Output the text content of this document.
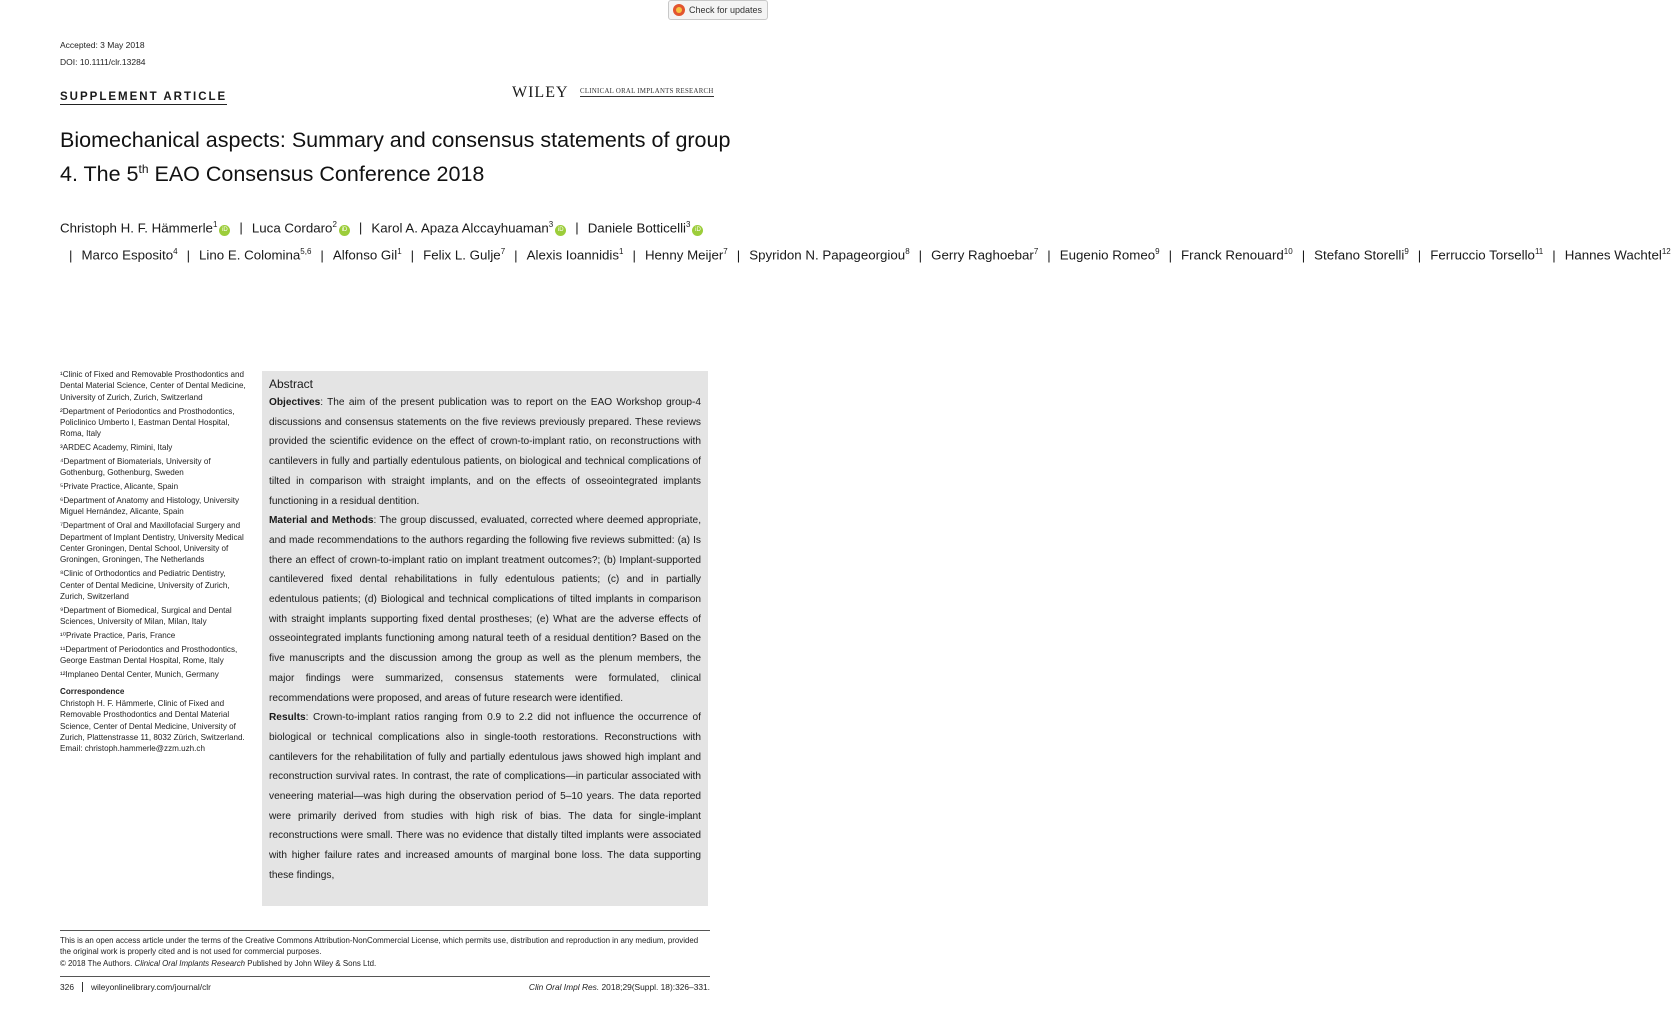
Check for updates
Accepted: 3 May 2018
DOI: 10.1111/clr.13284
SUPPLEMENT ARTICLE	WILEY CLINICAL ORAL IMPLANTS RESEARCH
Biomechanical aspects: Summary and consensus statements of group 4. The 5th EAO Consensus Conference 2018
Christoph H. F. Hämmerle$^1$iD | Luca Cordaro$^2$iD | Karol A. Apaza Alccayhuaman$^3$iD | Daniele Botticelli$^3$iD| Marco Esposito$^4$ | Lino E. Colomina$^{5,6}$ | Alfonso Gil$^1$ | Felix L. Gulje$^7$ | Alexis Ioannidis$^1$ | Henny Meijer$^7$ | Spyridon N. Papageorgiou$^8$ | Gerry Raghoebar$^7$ | Eugenio Romeo$^9$ | Franck Renouard$^{10}$ | Stefano Storelli$^9$ | Ferruccio Torsello$^{11}$ | Hannes Wachtel$^{12}$

¹Clinic of Fixed and Removable Prosthodontics and Dental Material Science, Center of Dental Medicine, University of Zurich, Zurich, Switzerland

²Department of Periodontics and Prosthodontics, Policlinico Umberto I, Eastman Dental Hospital, Roma, Italy

³ARDEC Academy, Rimini, Italy

⁴Department of Biomaterials, University of Gothenburg, Gothenburg, Sweden

⁵Private Practice, Alicante, Spain

⁶Department of Anatomy and Histology, University Miguel Hernández, Alicante, Spain

⁷Department of Oral and Maxillofacial Surgery and Department of Implant Dentistry, University Medical Center Groningen, Dental School, University of Groningen, Groningen, The Netherlands

⁸Clinic of Orthodontics and Pediatric Dentistry, Center of Dental Medicine, University of Zurich, Zurich, Switzerland

⁹Department of Biomedical, Surgical and Dental Sciences, University of Milan, Milan, Italy

¹⁰Private Practice, Paris, France

¹¹Department of Periodontics and Prosthodontics, George Eastman Dental Hospital, Rome, Italy

¹²Implaneo Dental Center, Munich, Germany

Correspondence
Christoph H. F. Hämmerle, Clinic of Fixed and Removable Prosthodontics and Dental Material Science, Center of Dental Medicine, University of Zurich, Plattenstrasse 11, 8032 Zürich, Switzerland.
Email: christoph.hammerle@zzm.uzh.ch
Abstract

Objectives: The aim of the present publication was to report on the EAO Workshop group-4 discussions and consensus statements on the five reviews previously prepared. These reviews provided the scientific evidence on the effect of crown-to-implant ratio, on reconstructions with cantilevers in fully and partially edentulous patients, on biological and technical complications of tilted in comparison with straight implants, and on the effects of osseointegrated implants functioning in a residual dentition.

Material and Methods: The group discussed, evaluated, corrected where deemed appropriate, and made recommendations to the authors regarding the following five reviews submitted: (a) Is there an effect of crown-to-implant ratio on implant treatment outcomes?; (b) Implant-supported cantilevered fixed dental rehabilitations in fully edentulous patients; (c) and in partially edentulous patients; (d) Biological and technical complications of tilted implants in comparison with straight implants supporting fixed dental prostheses; (e) What are the adverse effects of osseointegrated implants functioning among natural teeth of a residual dentition? Based on the five manuscripts and the discussion among the group as well as the plenum members, the major findings were summarized, consensus statements were formulated, clinical recommendations were proposed, and areas of future research were identified.

Results: Crown-to-implant ratios ranging from 0.9 to 2.2 did not influence the occurrence of biological or technical complications also in single-tooth restorations. Reconstructions with cantilevers for the rehabilitation of fully and partially edentulous jaws showed high implant and reconstruction survival rates. In contrast, the rate of complications—in particular associated with veneering material—was high during the observation period of 5–10 years. The data reported were primarily derived from studies with high risk of bias. The data for single-implant reconstructions were small. There was no evidence that distally tilted implants were associated with higher failure rates and increased amounts of marginal bone loss. The data supporting these findings,

This is an open access article under the terms of the Creative Commons Attribution-NonCommercial License, which permits use, distribution and reproduction in any medium, provided the original work is properly cited and is not used for commercial purposes.
© 2018 The Authors. Clinical Oral Implants Research Published by John Wiley & Sons Ltd.
326 wileyonlinelibrary.com/journal/clr	Clin Oral Impl Res. 2018;29(Suppl. 18):326–331.
